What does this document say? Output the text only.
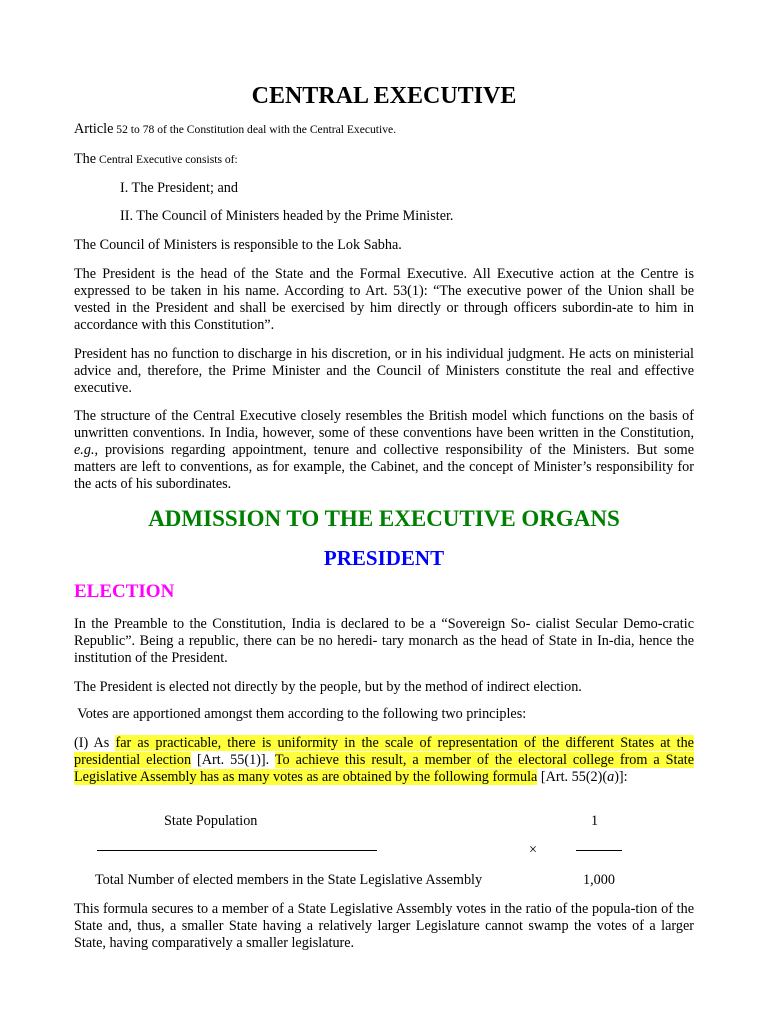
CENTRAL EXECUTIVE

Article 52 to 78 of the Constitution deal with the Central Executive.

The Central Executive consists of:

I. The President; and

II. The Council of Ministers headed by the Prime Minister.

The Council of Ministers is responsible to the Lok Sabha.

The President is the head of the State and the Formal Executive. All Executive action at the Centre is expressed to be taken in his name. According to Art. 53(1): “The executive power of the Union shall be vested in the President and shall be exercised by him directly or through officers subordin-ate to him in accordance with this Constitution”.

President has no function to discharge in his discretion, or in his individual judgment. He acts on ministerial advice and, therefore, the Prime Minister and the Council of Ministers constitute the real and effective executive.

The structure of the Central Executive closely resembles the British model which functions on the basis of unwritten conventions. In India, however, some of these conventions have been written in the Constitution, e.g., provisions regarding appointment, tenure and collective responsibility of the Ministers. But some matters are left to conventions, as for example, the Cabinet, and the concept of Minister’s responsibility for the acts of his subordinates.

ADMISSION TO THE EXECUTIVE ORGANS
PRESIDENT
ELECTION

In the Preamble to the Constitution, India is declared to be a “Sovereign So- cialist Secular Demo-cratic Republic”. Being a republic, there can be no heredi- tary monarch as the head of State in In-dia, hence the institution of the President.

The President is elected not directly by the people, but by the method of indirect election.

Votes are apportioned amongst them according to the following two principles:

(I) As far as practicable, there is uniformity in the scale of representation of the different States at the presidential election [Art. 55(1)]. To achieve this result, a member of the electoral college from a State Legislative Assembly has as many votes as are obtained by the following formula [Art. 55(2)(a)]:

State Population	1
×
Total Number of elected members in the State Legislative Assembly	1,000

This formula secures to a member of a State Legislative Assembly votes in the ratio of the popula-tion of the State and, thus, a smaller State having a relatively larger Legislature cannot swamp the votes of a larger State, having comparatively a smaller legislature.
